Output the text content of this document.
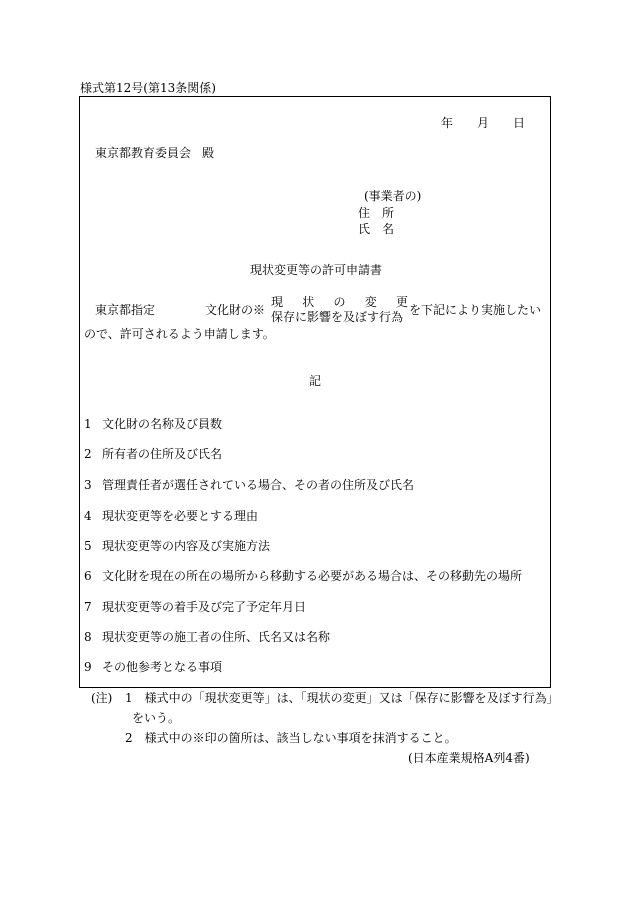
様式第12号(第13条関係)
年 月 日
東京都教育委員会 殿
(事業者の)
住　所
氏　名
現状変更等の許可申請書
東京都指定	文化財の※
現 状 の 変 更
保存に影響を及ぼす行為 を下記により実施したい
ので、許可されるよう申請します。
記
1 文化財の名称及び員数
2 所有者の住所及び氏名
3 管理責任者が選任されている場合、その者の住所及び氏名
4 現状変更等を必要とする理由
5 現状変更等の内容及び実施方法
6 文化財を現在の所在の場所から移動する必要がある場合は、その移動先の場所
7 現状変更等の着手及び完了予定年月日
8 現状変更等の施工者の住所、氏名又は名称
9 その他参考となる事項
(注) 1　様式中の「現状変更等」は、「現状の変更」又は「保存に影響を及ぼす行為」
をいう。
2　様式中の※印の箇所は、該当しない事項を抹消すること。
(日本産業規格A列4番)
